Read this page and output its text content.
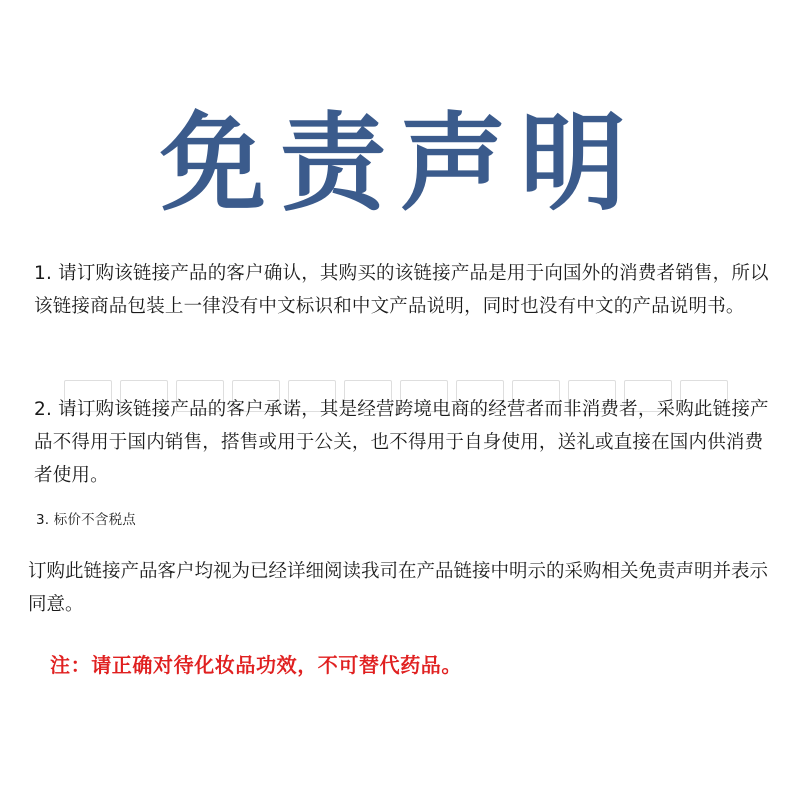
免责声明
1. 请订购该链接产品的客户确认，其购买的该链接产品是用于向国外的消费者销售，所以该链接商品包装上一律没有中文标识和中文产品说明，同时也没有中文的产品说明书。
2. 请订购该链接产品的客户承诺，其是经营跨境电商的经营者而非消费者，采购此链接产品不得用于国内销售，搭售或用于公关，也不得用于自身使用，送礼或直接在国内供消费者使用。
3. 标价不含税点
订购此链接产品客户均视为已经详细阅读我司在产品链接中明示的采购相关免责声明并表示同意。
注：请正确对待化妆品功效，不可替代药品。
